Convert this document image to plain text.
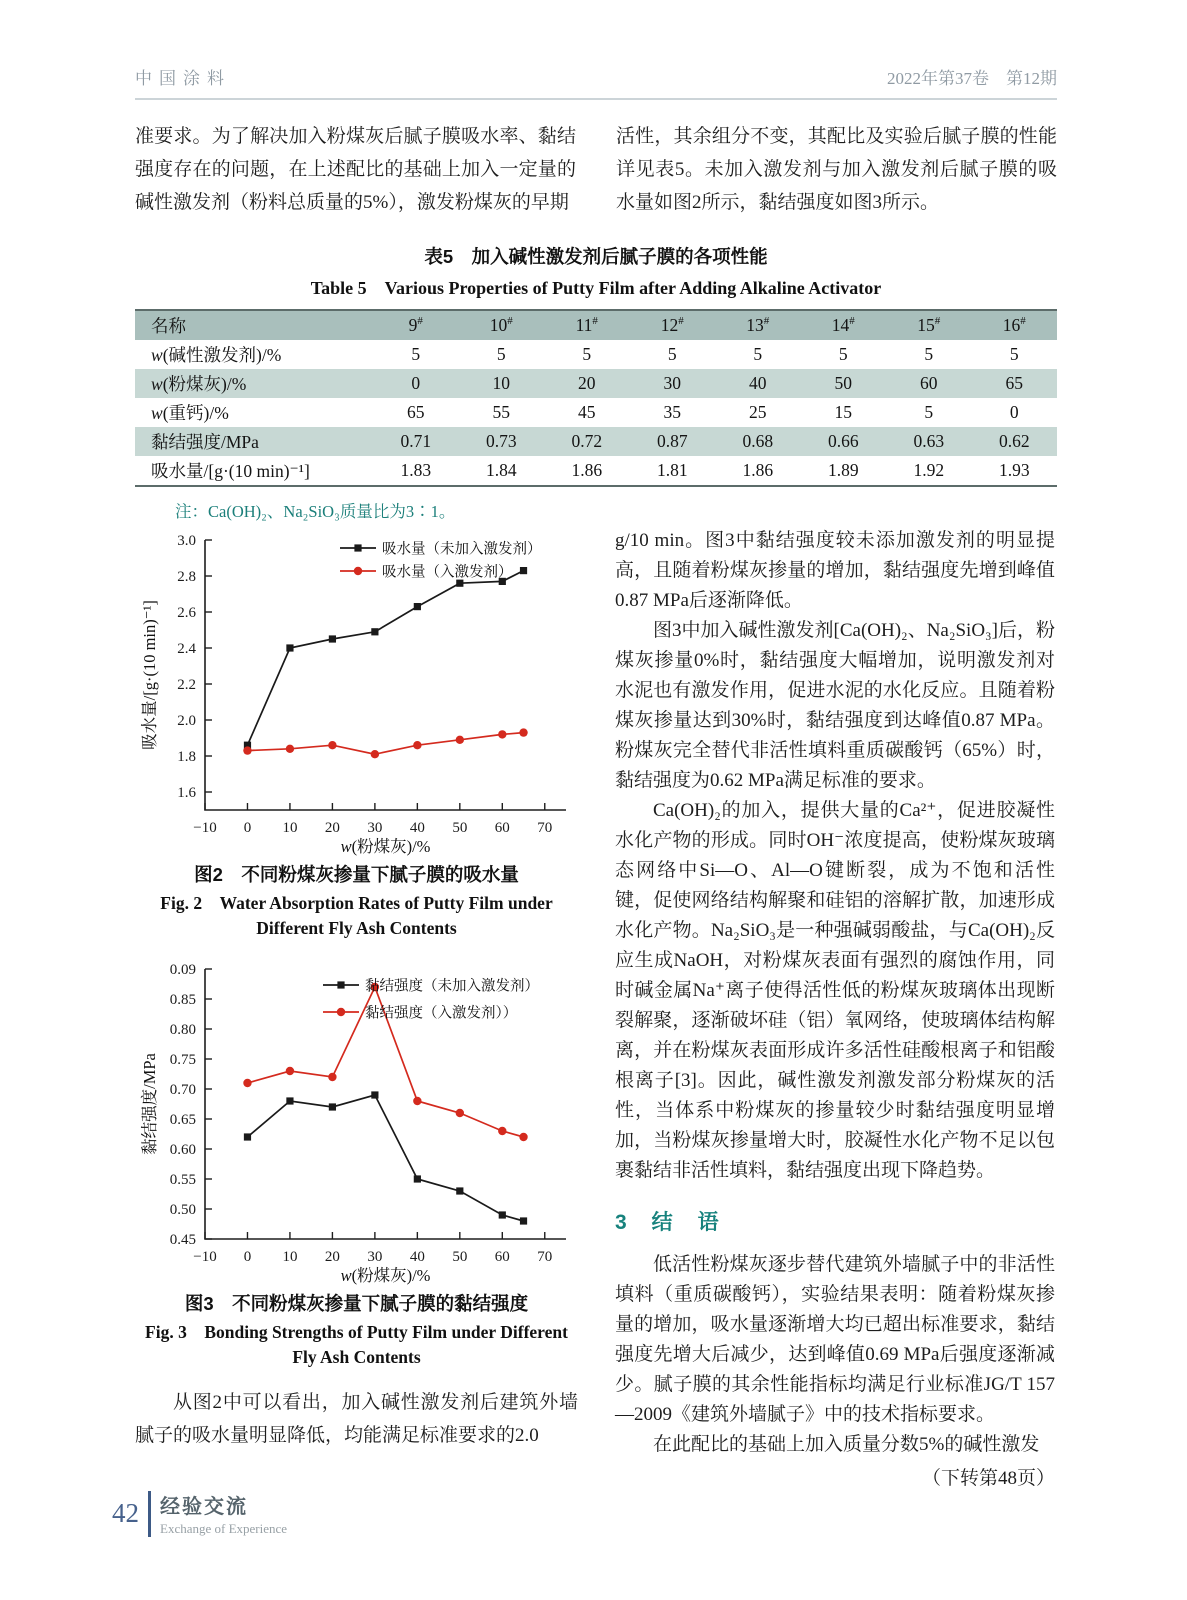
中国涂料	2022年第37卷　第12期

准要求。为了解决加入粉煤灰后腻子膜吸水率、黏结强度存在的问题，在上述配比的基础上加入一定量的碱性激发剂（粉料总质量的5%），激发粉煤灰的早期

活性，其余组分不变，其配比及实验后腻子膜的性能详见表5。未加入激发剂与加入激发剂后腻子膜的吸水量如图2所示，黏结强度如图3所示。

表5　加入碱性激发剂后腻子膜的各项性能
Table 5　Various Properties of Putty Film after Adding Alkaline Activator
名称	9#	10#	11#	12#	13#	14#	15#	16#
w(碱性激发剂)/%	5	5	5	5	5	5	5	5
w(粉煤灰)/%	0	10	20	30	40	50	60	65
w(重钙)/%	65	55	45	35	25	15	5	0
黏结强度/MPa	0.71	0.73	0.72	0.87	0.68	0.66	0.63	0.62
吸水量/[g·(10 min)⁻¹]	1.83	1.84	1.86	1.81	1.86	1.89	1.92	1.93
注：Ca(OH)₂、Na₂SiO₃质量比为3∶1。
1.6
1.8
2.0
2.2
2.4
2.6
2.8
3.0
−10 0 10 20 30 40 50 60 70
吸水量/[g·(10 min)⁻¹]
w(粉煤灰)/%
吸水量（未加入激发剂）
吸水量（入激发剂）
图2　不同粉煤灰掺量下腻子膜的吸水量
Fig. 2　Water Absorption Rates of Putty Film under
Different Fly Ash Contents
0.45
0.50
0.55
0.60
0.65
0.70
0.75
0.80
0.85
0.09
−10 0 10 20 30 40 50 60 70
黏结强度/MPa
w(粉煤灰)/%
黏结强度（未加入激发剂）
黏结强度（入激发剂））
图3　不同粉煤灰掺量下腻子膜的黏结强度
Fig. 3　Bonding Strengths of Putty Film under Different
Fly Ash Contents

从图2中可以看出，加入碱性激发剂后建筑外墙腻子的吸水量明显降低，均能满足标准要求的2.0

g/10 min。图3中黏结强度较未添加激发剂的明显提高，且随着粉煤灰掺量的增加，黏结强度先增到峰值0.87 MPa后逐渐降低。

图3中加入碱性激发剂[Ca(OH)₂、Na₂SiO₃]后，粉煤灰掺量0%时，黏结强度大幅增加，说明激发剂对水泥也有激发作用，促进水泥的水化反应。且随着粉煤灰掺量达到30%时，黏结强度到达峰值0.87 MPa。粉煤灰完全替代非活性填料重质碳酸钙（65%）时，黏结强度为0.62 MPa满足标准的要求。

Ca(OH)₂的加入，提供大量的Ca²⁺，促进胶凝性水化产物的形成。同时OH⁻浓度提高，使粉煤灰玻璃态网络中Si—O、Al—O键断裂，成为不饱和活性键，促使网络结构解聚和硅铝的溶解扩散，加速形成水化产物。Na₂SiO₃是一种强碱弱酸盐，与Ca(OH)₂反应生成NaOH，对粉煤灰表面有强烈的腐蚀作用，同时碱金属Na⁺离子使得活性低的粉煤灰玻璃体出现断裂解聚，逐渐破坏硅（铝）氧网络，使玻璃体结构解离，并在粉煤灰表面形成许多活性硅酸根离子和铝酸根离子[3]。因此，碱性激发剂激发部分粉煤灰的活性，当体系中粉煤灰的掺量较少时黏结强度明显增加，当粉煤灰掺量增大时，胶凝性水化产物不足以包裹黏结非活性填料，黏结强度出现下降趋势。

3　结　语

低活性粉煤灰逐步替代建筑外墙腻子中的非活性填料（重质碳酸钙），实验结果表明：随着粉煤灰掺量的增加，吸水量逐渐增大均已超出标准要求，黏结强度先增大后减少，达到峰值0.69 MPa后强度逐渐减少。腻子膜的其余性能指标均满足行业标准JG/T 157—2009《建筑外墙腻子》中的技术指标要求。

在此配比的基础上加入质量分数5%的碱性激发

（下转第48页）

42 经验交流
Exchange of Experience
